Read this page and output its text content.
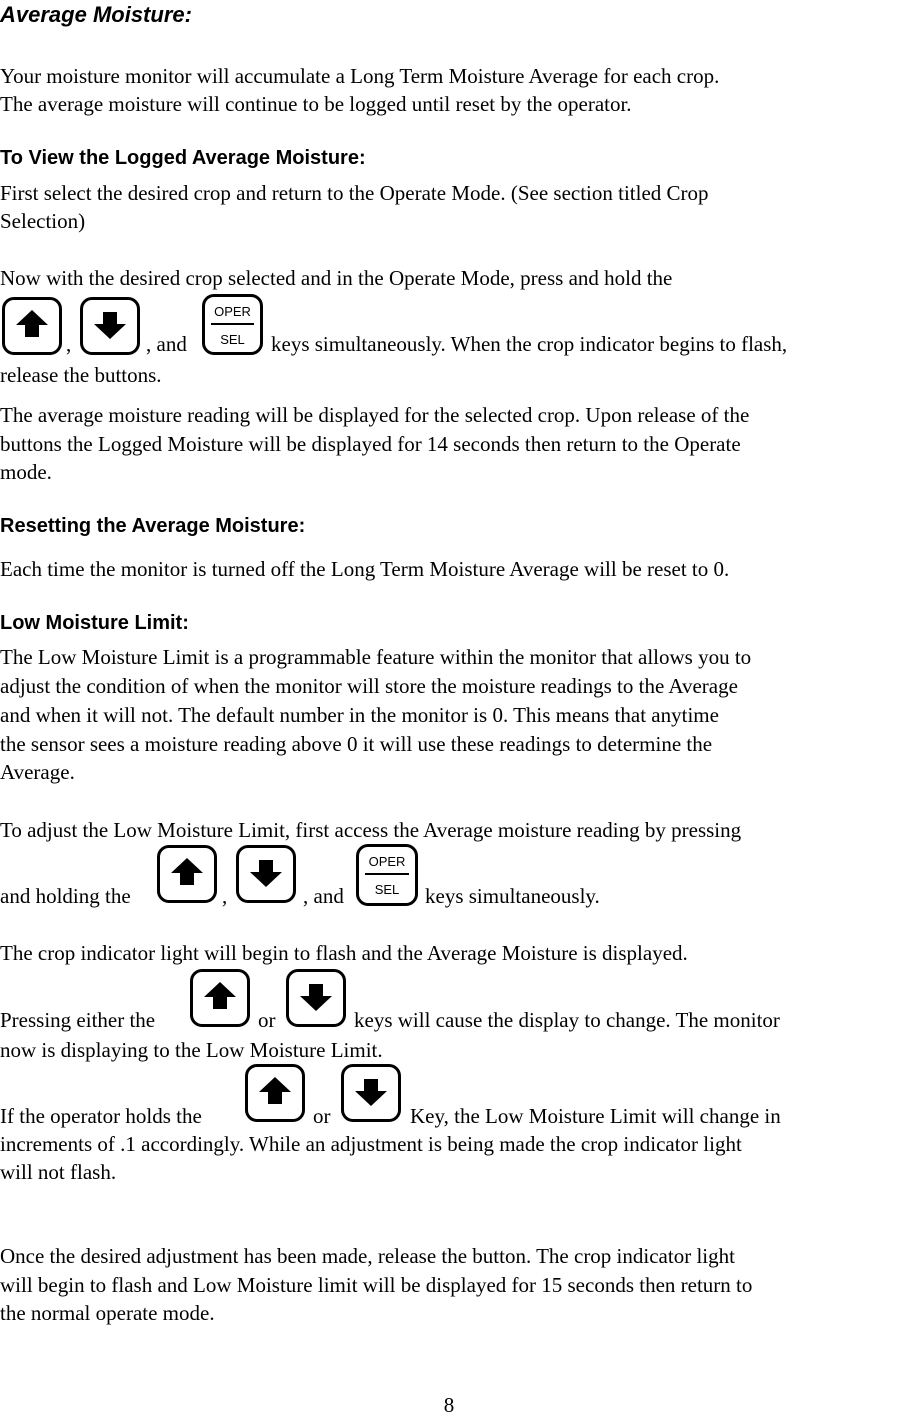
Average Moisture:
Your moisture monitor will accumulate a Long Term Moisture Average for each crop.
The average moisture will continue to be logged until reset by the operator.
To View the Logged Average Moisture:
First select the desired crop and return to the Operate Mode. (See section titled Crop
Selection)
Now with the desired crop selected and in the Operate Mode, press and hold the
,	, and
OPER
SEL	keys simultaneously. When the crop indicator begins to flash,
release the buttons.
The average moisture reading will be displayed for the selected crop. Upon release of the
buttons the Logged Moisture will be displayed for 14 seconds then return to the Operate
mode.
Resetting the Average Moisture:
Each time the monitor is turned off the Long Term Moisture Average will be reset to 0.
Low Moisture Limit:
The Low Moisture Limit is a programmable feature within the monitor that allows you to
adjust the condition of when the monitor will store the moisture readings to the Average
and when it will not. The default number in the monitor is 0. This means that anytime
the sensor sees a moisture reading above 0 it will use these readings to determine the
Average.
To adjust the Low Moisture Limit, first access the Average moisture reading by pressing
and holding the	,	, and
OPER
SEL	keys simultaneously.
The crop indicator light will begin to flash and the Average Moisture is displayed.
Pressing either the	or	keys will cause the display to change. The monitor
now is displaying to the Low Moisture Limit.
If the operator holds the	or	Key, the Low Moisture Limit will change in
increments of .1 accordingly. While an adjustment is being made the crop indicator light
will not flash.
Once the desired adjustment has been made, release the button. The crop indicator light
will begin to flash and Low Moisture limit will be displayed for 15 seconds then return to
the normal operate mode.
8
